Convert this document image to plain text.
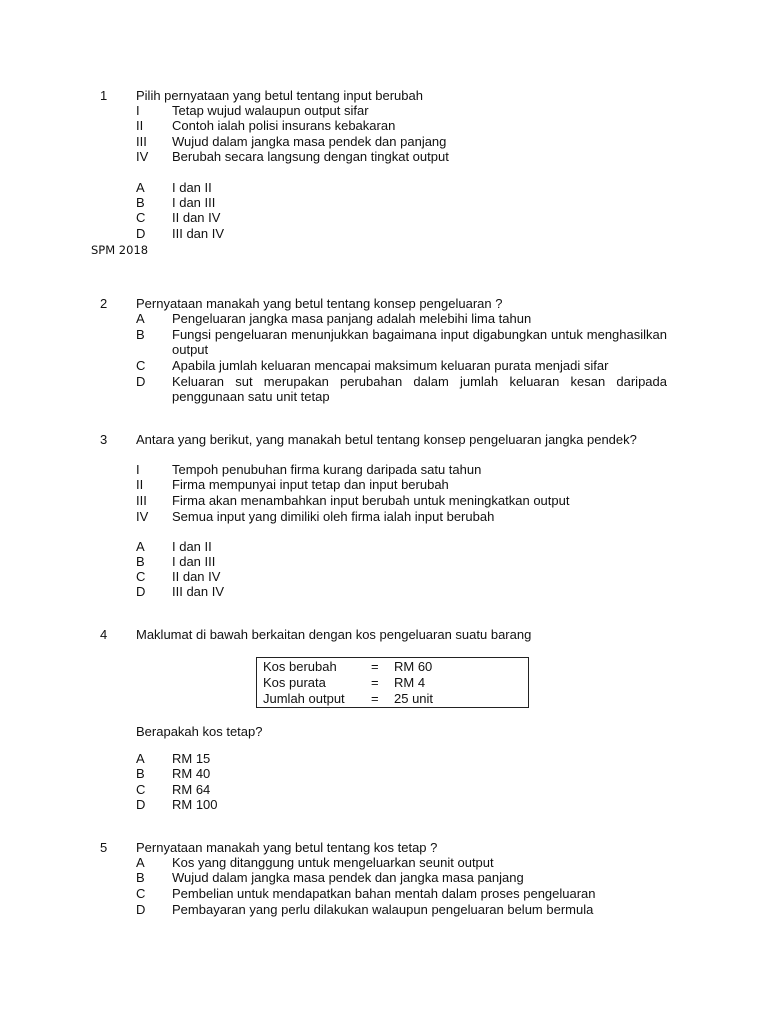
1 Pilih pernyataan yang betul tentang input berubah
I Tetap wujud walaupun output sifar
II Contoh ialah polisi insurans kebakaran
III Wujud dalam jangka masa pendek dan panjang
IV Berubah secara langsung dengan tingkat output
A I dan II
B I dan III
C II dan IV
D III dan IV
SPM 2018
2 Pernyataan manakah yang betul tentang konsep pengeluaran ?
A Pengeluaran jangka masa panjang adalah melebihi lima tahun
B Fungsi pengeluaran menunjukkan bagaimana input digabungkan untuk menghasilkan output
C Apabila jumlah keluaran mencapai maksimum keluaran purata menjadi sifar
D Keluaran sut merupakan perubahan dalam jumlah keluaran kesan daripada penggunaan satu unit tetap
3 Antara yang berikut, yang manakah betul tentang konsep pengeluaran jangka pendek?
I Tempoh penubuhan firma kurang daripada satu tahun
II Firma mempunyai input tetap dan input berubah
III Firma akan menambahkan input berubah untuk meningkatkan output
IV Semua input yang dimiliki oleh firma ialah input berubah
A I dan II
B I dan III
C II dan IV
D III dan IV
4 Maklumat di bawah berkaitan dengan kos pengeluaran suatu barang
Kos berubah	= RM 60
Kos purata	= RM 4
Jumlah output = 25 unit
Berapakah kos tetap?
A RM 15
B RM 40
C RM 64
D RM 100
5 Pernyataan manakah yang betul tentang kos tetap ?
A Kos yang ditanggung untuk mengeluarkan seunit output
B Wujud dalam jangka masa pendek dan jangka masa panjang
C Pembelian untuk mendapatkan bahan mentah dalam proses pengeluaran
D Pembayaran yang perlu dilakukan walaupun pengeluaran belum bermula
